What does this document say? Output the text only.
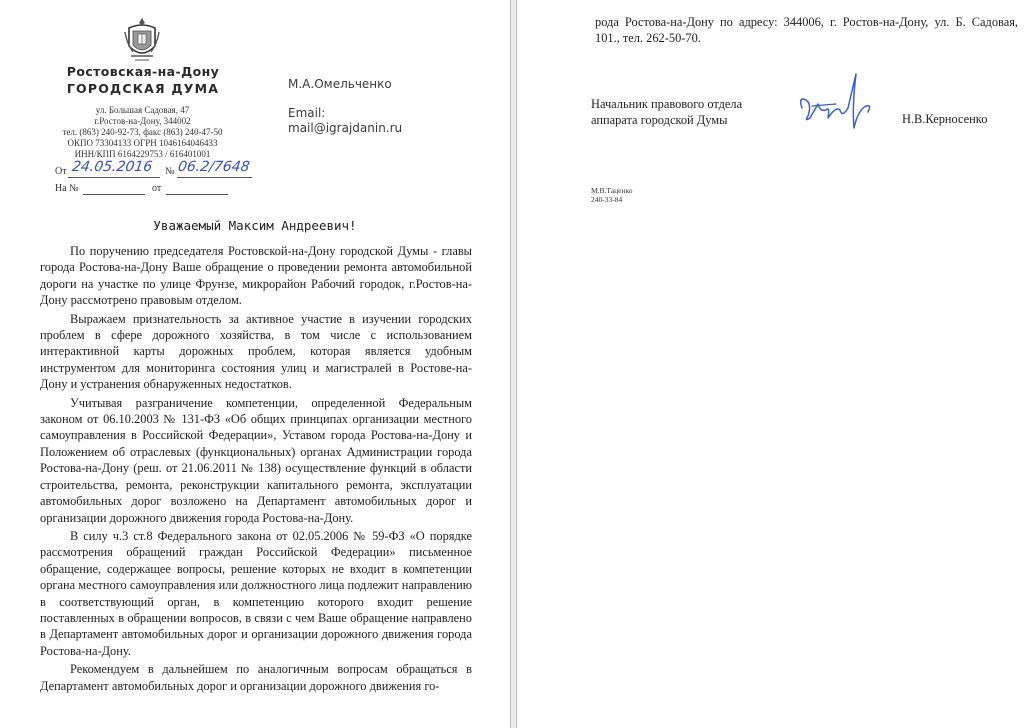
Ростовская-на-Дону
ГОРОДСКАЯ ДУМА
ул. Большая Садовая, 47
г.Ростов-на-Дону, 344002
тел. (863) 240-92-73, факс (863) 240-47-50
ОКПО 73304133 ОГРН 1046164046433
ИНН/КПП 6164229753 / 616401001
От 24.05.2016 № 06.2/7648
На №	от
М.А.Омельченко
Email:
mail@igrajdanin.ru
Уважаемый Максим Андреевич!

По поручению председателя Ростовской-на-Дону городской Думы - главы города Ростова-на-Дону Ваше обращение о проведении ремонта автомобильной дороги на участке по улице Фрунзе, микрорайон Рабочий городок, г.Ростов-на-Дону рассмотрено правовым отделом.

Выражаем признательность за активное участие в изучении городских проблем в сфере дорожного хозяйства, в том числе с использованием интерактивной карты дорожных проблем, которая является удобным инструментом для мониторинга состояния улиц и магистралей в Ростове-на-Дону и устранения обнаруженных недостатков.

Учитывая разграничение компетенции, определенной Федеральным законом от 06.10.2003 № 131-ФЗ «Об общих принципах организации местного самоуправления в Российской Федерации», Уставом города Ростова-на-Дону и Положением об отраслевых (функциональных) органах Администрации города Ростова-на-Дону (реш. от 21.06.2011 № 138) осуществление функций в области строительства, ремонта, реконструкции капитального ремонта, эксплуатации автомобильных дорог возложено на Департамент автомобильных дорог и организации дорожного движения города Ростова-на-Дону.

В силу ч.3 ст.8 Федерального закона от 02.05.2006 № 59-ФЗ «О порядке рассмотрения обращений граждан Российской Федерации» письменное обращение, содержащее вопросы, решение которых не входит в компетенции органа местного самоуправления или должностного лица подлежит направлению в соответствующий орган, в компетенцию которого входит решение поставленных в обращении вопросов, в связи с чем Ваше обращение направлено в Департамент автомобильных дорог и организации дорожного движения города Ростова-на-Дону.

Рекомендуем в дальнейшем по аналогичным вопросам обращаться в Департамент автомобильных дорог и организации дорожного движения го-

рода Ростова-на-Дону по адресу: 344006, г. Ростов-на-Дону, ул. Б. Садовая, 101., тел. 262-50-70.
Начальник правового отдела
аппарата городской Думы	Н.В.Керносенко
М.В.Таценко
240-33-84
